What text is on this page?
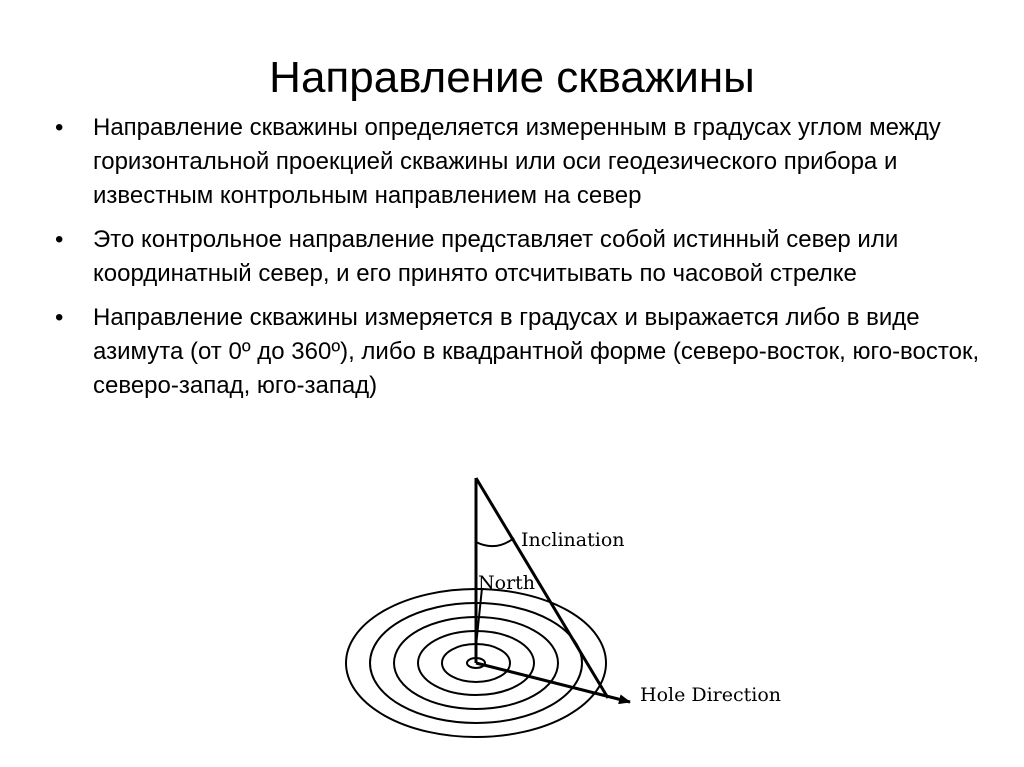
Направление скважины
•	Направление скважины определяется измеренным в градусах углом между горизонтальной проекцией скважины или оси геодезического прибора и известным контрольным направлением на север
•	Это контрольное направление представляет собой истинный север или координатный север, и его принято отсчитывать по часовой стрелке
•	Направление скважины измеряется в градусах и выражается либо в виде азимута (от 0º до 360º), либо в квадрантной форме (северо-восток, юго-восток, северо-запад, юго-запад)
Inclination
North
Hole Direction
